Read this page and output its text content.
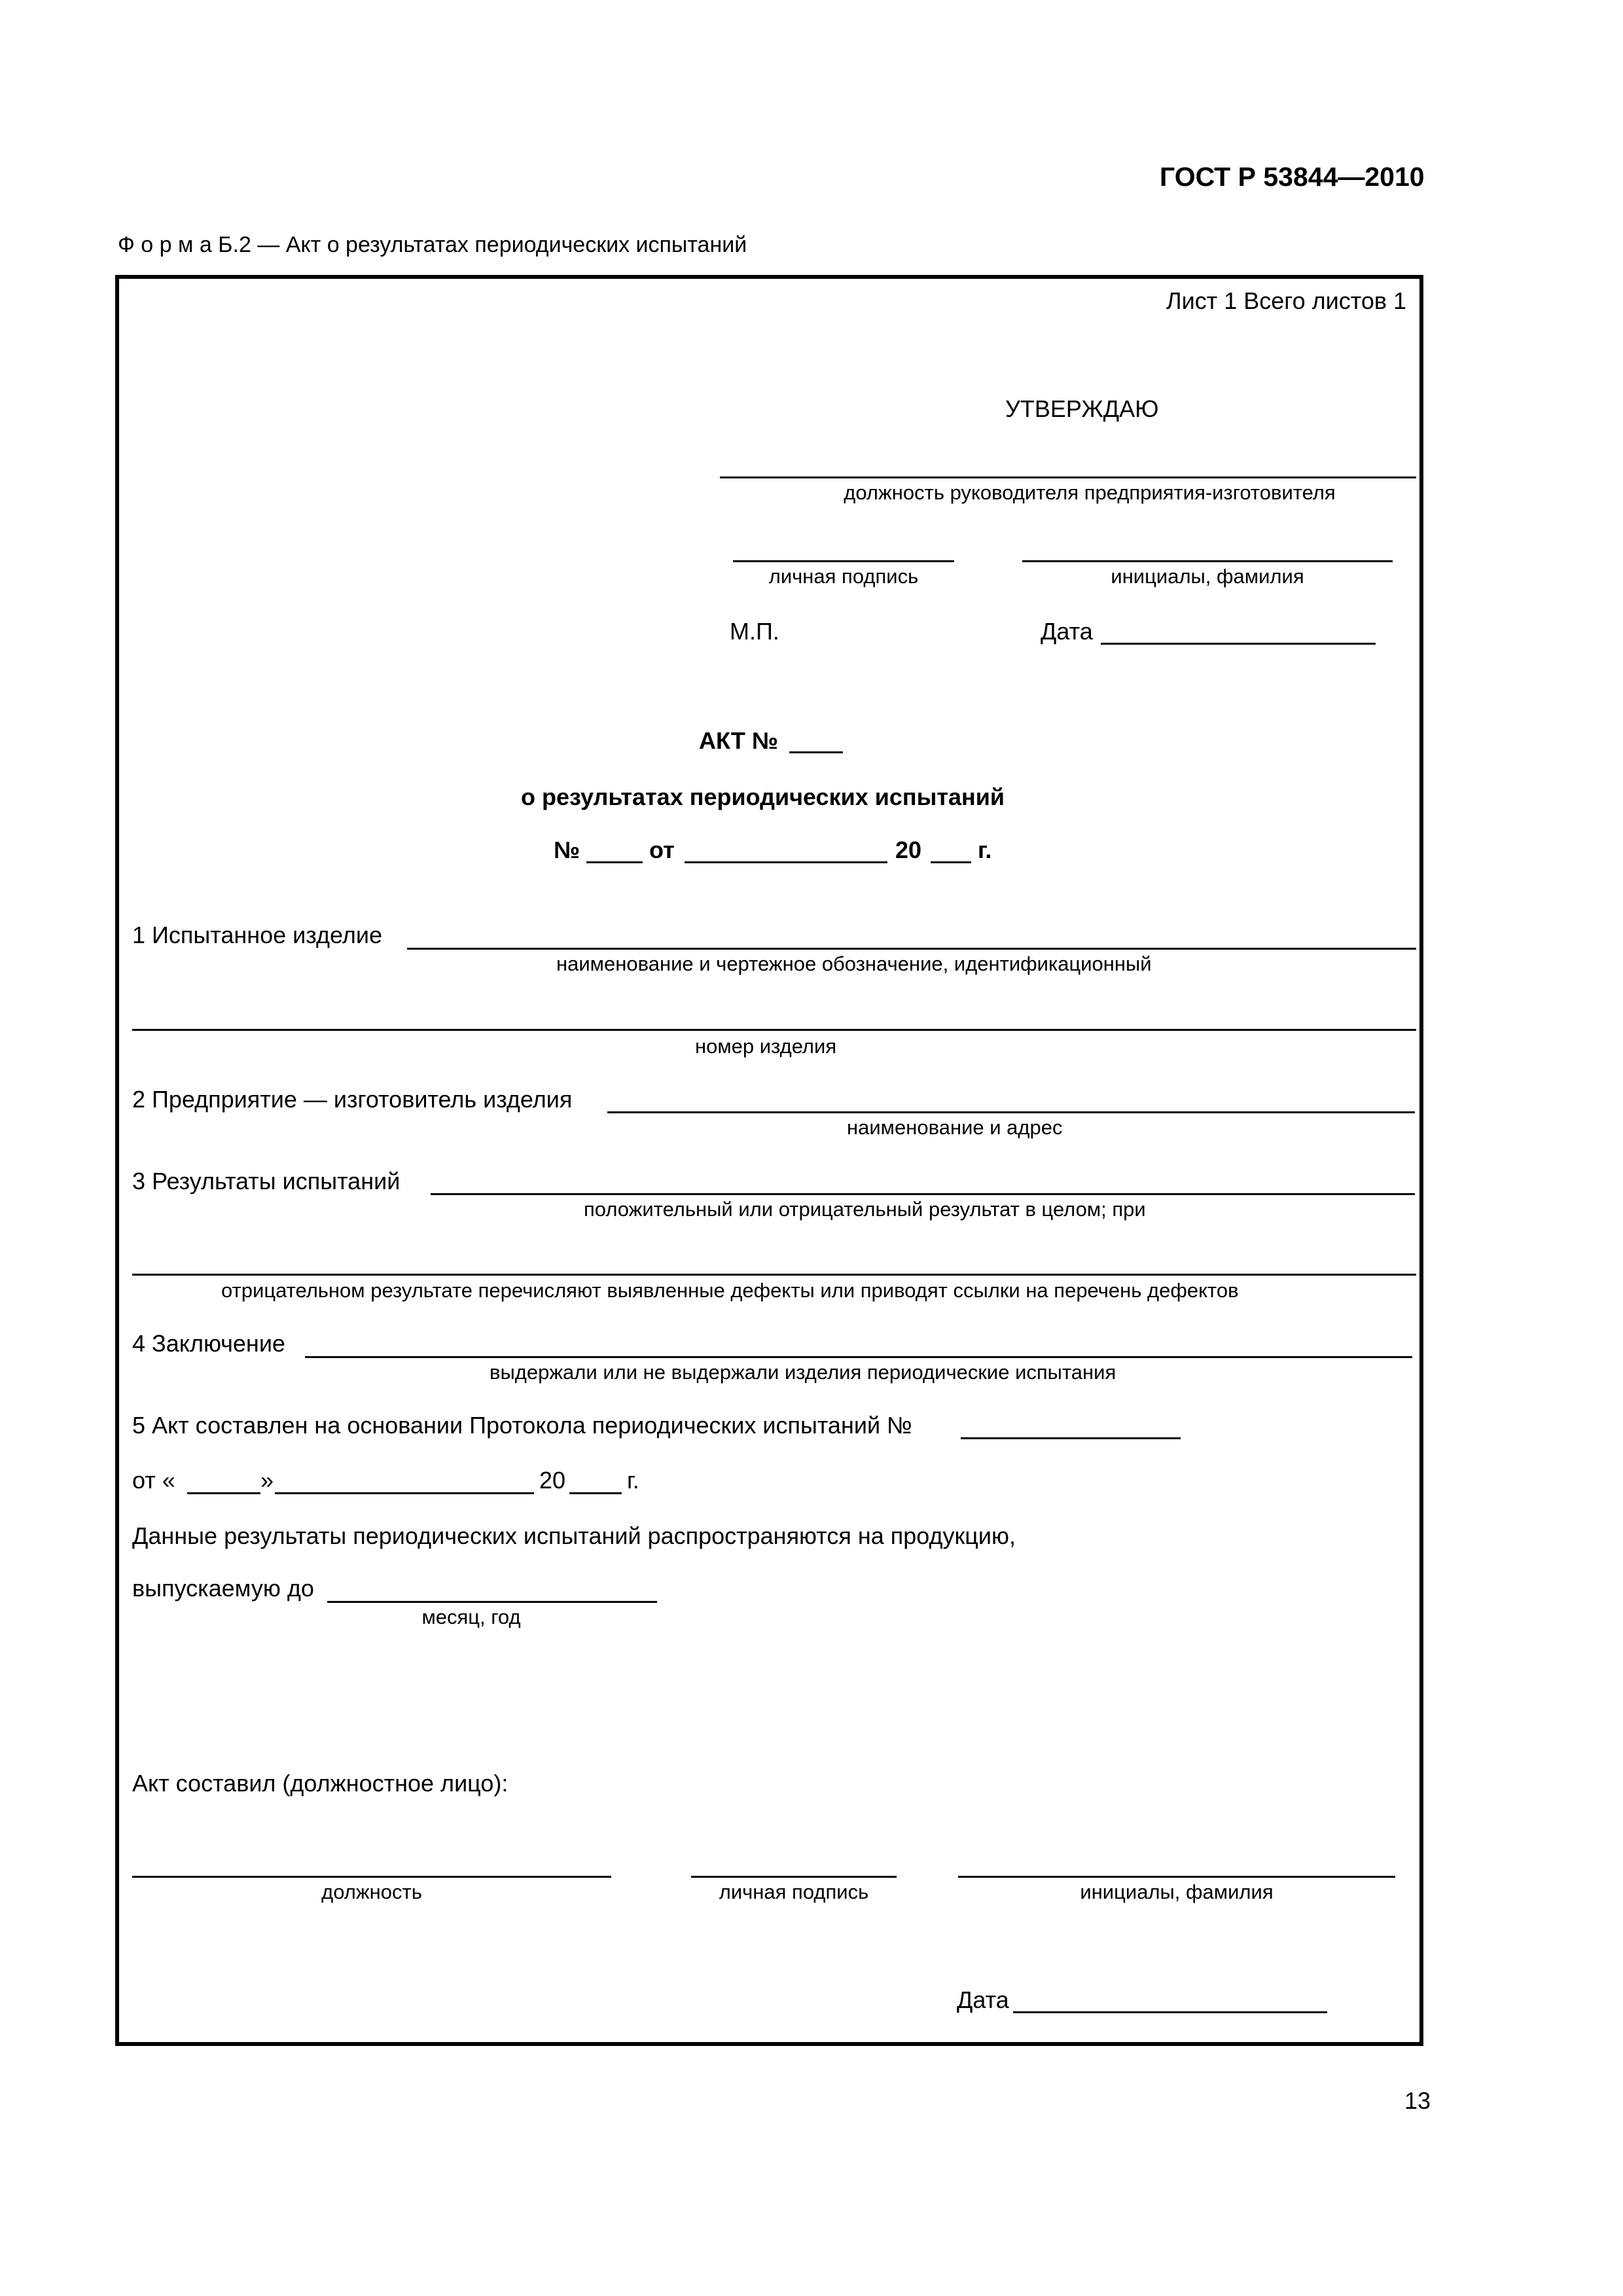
ГОСТ Р 53844—2010
Ф о р м а Б.2 — Акт о результатах периодических испытаний
Лист 1 Всего листов 1
УТВЕРЖДАЮ
должность руководителя предприятия-изготовителя
личная подпись	инициалы, фамилия
М.П.	Дата
АКТ №
о результатах периодических испытаний
№	от	20 г.
1 Испытанное изделие
наименование и чертежное обозначение, идентификационный
номер изделия
2 Предприятие — изготовитель изделия
наименование и адрес
3 Результаты испытаний
положительный или отрицательный результат в целом; при
отрицательном результате перечисляют выявленные дефекты или приводят ссылки на перечень дефектов
4 Заключение
выдержали или не выдержали изделия периодические испытания
5 Акт составлен на основании Протокола периодических испытаний №
от «	»	20	г.
Данные результаты периодических испытаний распространяются на продукцию,
выпускаемую до
месяц, год
Акт составил (должностное лицо):
должность	личная подпись	инициалы, фамилия
Дата
13
